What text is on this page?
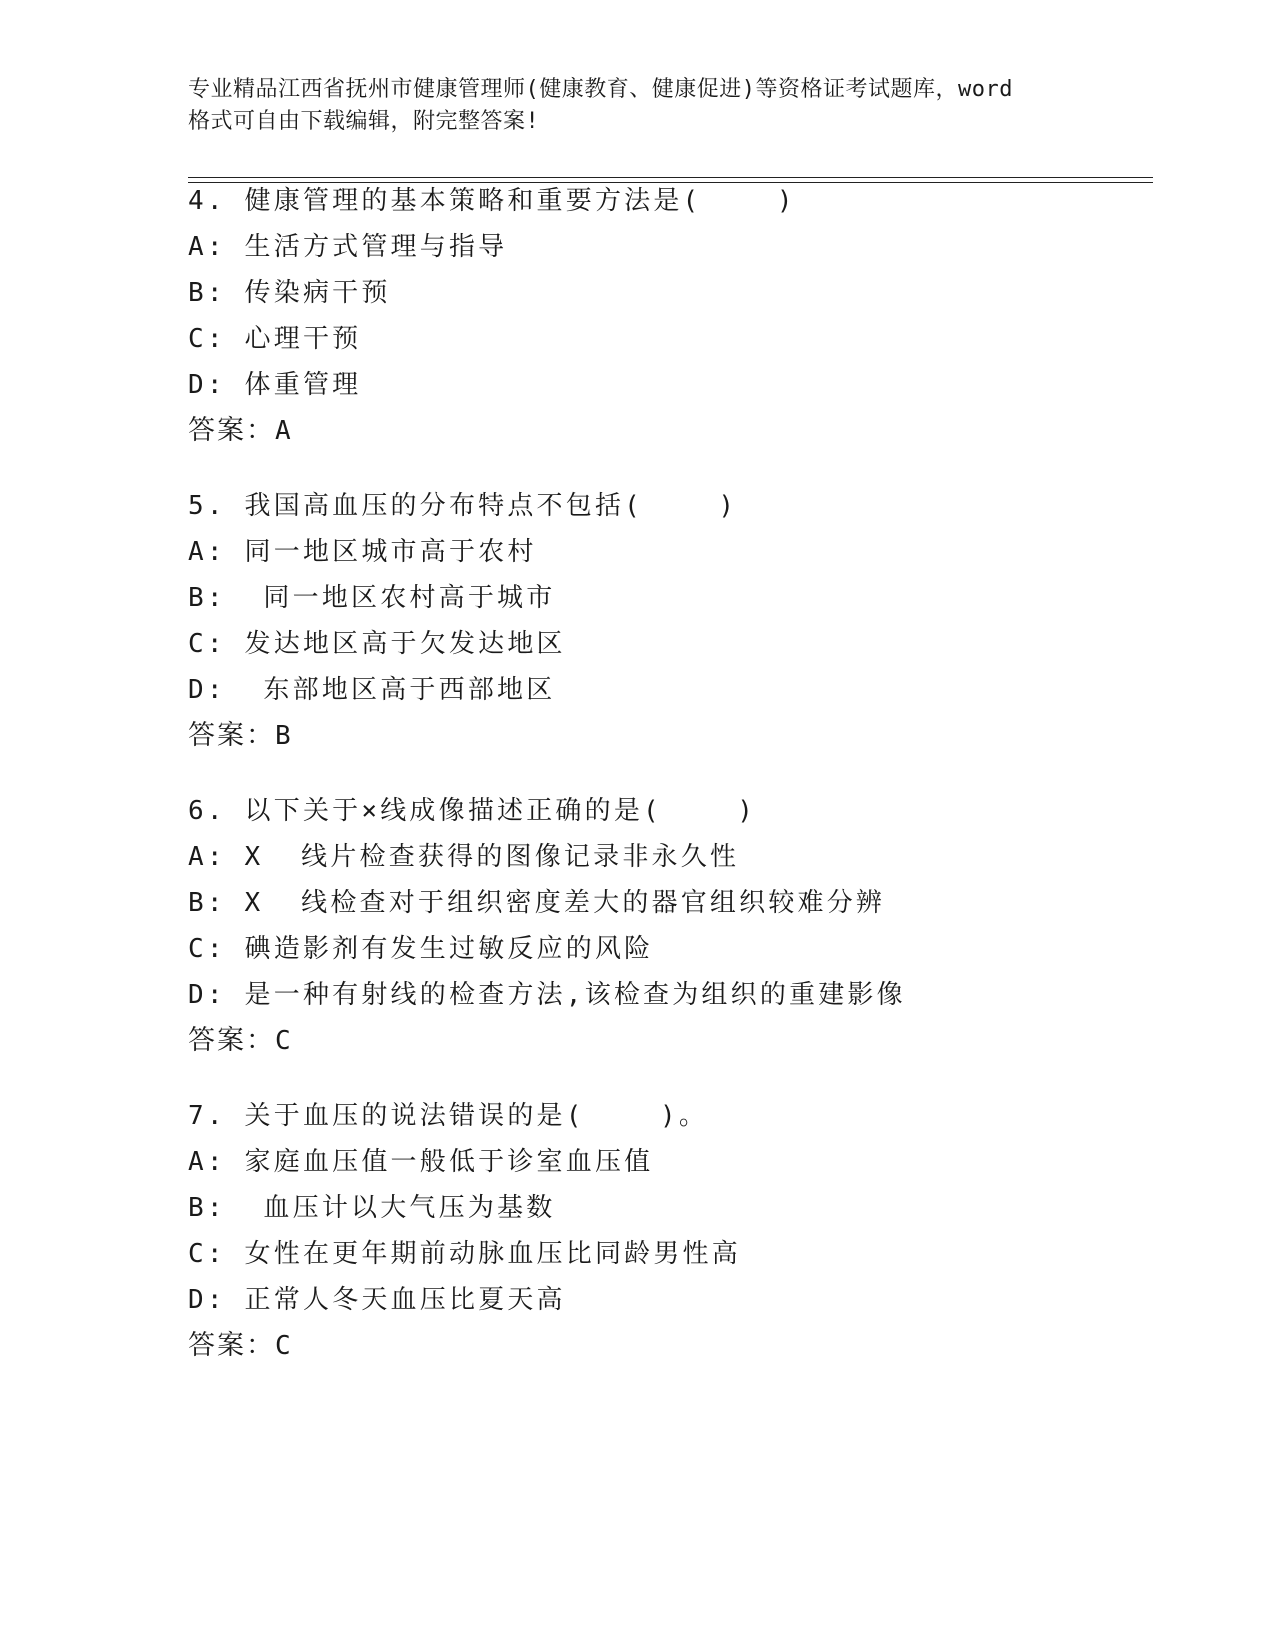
专业精品江西省抚州市健康管理师(健康教育、健康促进)等资格证考试题库，word
格式可自由下载编辑，附完整答案!
4. 健康管理的基本策略和重要方法是(    )
A: 生活方式管理与指导
B: 传染病干预
C: 心理干预
D: 体重管理
答案：A
5. 我国高血压的分布特点不包括(    )
A: 同一地区城市高于农村
B:  同一地区农村高于城市
C: 发达地区高于欠发达地区
D:  东部地区高于西部地区
答案：B
6. 以下关于×线成像描述正确的是(    )
A: X  线片检查获得的图像记录非永久性
B: X  线检查对于组织密度差大的器官组织较难分辨
C: 碘造影剂有发生过敏反应的风险
D: 是一种有射线的检查方法,该检查为组织的重建影像
答案：C
7. 关于血压的说法错误的是(    )。
A: 家庭血压值一般低于诊室血压值
B:  血压计以大气压为基数
C: 女性在更年期前动脉血压比同龄男性高
D: 正常人冬天血压比夏天高
答案：C
